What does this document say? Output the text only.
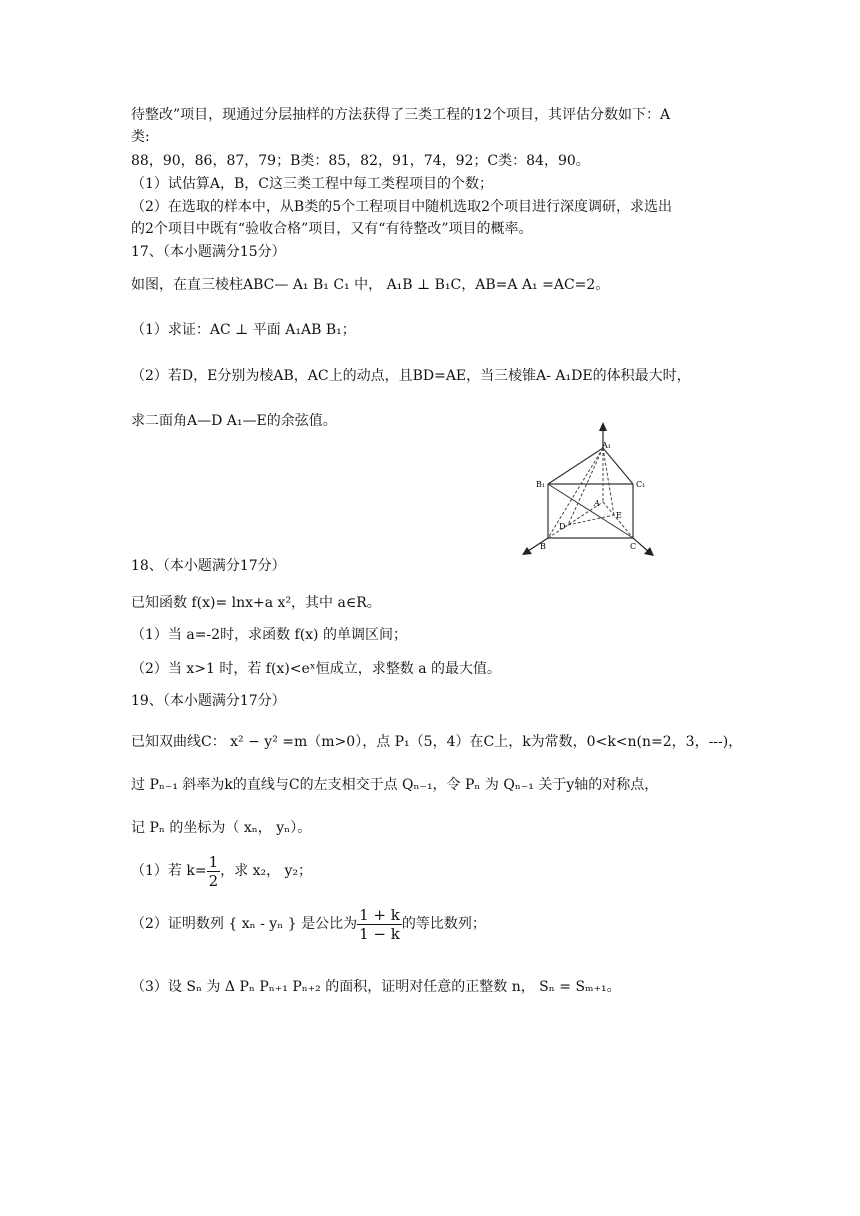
待整改”项目，现通过分层抽样的方法获得了三类工程的12个项目，其评估分数如下：A
类:
88，90，86，87，79；B类：85，82，91，74，92；C类：84，90。
（1）试估算A，B，C这三类工程中每工类程项目的个数；
（2）在选取的样本中，从B类的5个工程项目中随机选取2个项目进行深度调研，求选出
的2个项目中既有“验收合格”项目，又有“有待整改”项目的概率。
17、（本小题满分15分）
如图，在直三棱柱ABC— A₁ B₁ C₁ 中， A₁B ⊥ B₁C，AB=A A₁ =AC=2。
（1）求证：AC ⊥ 平面 A₁AB B₁；
（2）若D，E分别为棱AB，AC上的动点，且BD=AE，当三棱锥A- A₁DE的体积最大时，
求二面角A—D A₁—E的余弦值。
A₁
B₁	C₁
A
B	C
D
E
18、（本小题满分17分）
已知函数 f(x)= lnx+a x²，其中 a∈R。
（1）当 a=-2时，求函数 f(x) 的单调区间；
（2）当 x>1 时，若 f(x)<eˣ恒成立，求整数 a 的最大值。
19、（本小题满分17分）
已知双曲线C： x² − y² =m（m>0），点 P₁（5，4）在C上，k为常数，0<k<n(n=2，3，---)，
过 Pₙ₋₁ 斜率为k的直线与C的左支相交于点 Qₙ₋₁，令 Pₙ 为 Qₙ₋₁ 关于y轴的对称点，
记 Pₙ 的坐标为（ xₙ， yₙ）。
（1）若 $k= \frac{1}{2}$ ，求 x₂， y₂；
（2）证明数列 { xₙ - yₙ } 是公比为 $\frac{1 + k}{1 - k}$ 的等比数列；
（3）设 Sₙ 为 Δ Pₙ Pₙ₊₁ Pₙ₊₂ 的面积，证明对任意的正整数 n， Sₙ = Sₘ₊₁。
